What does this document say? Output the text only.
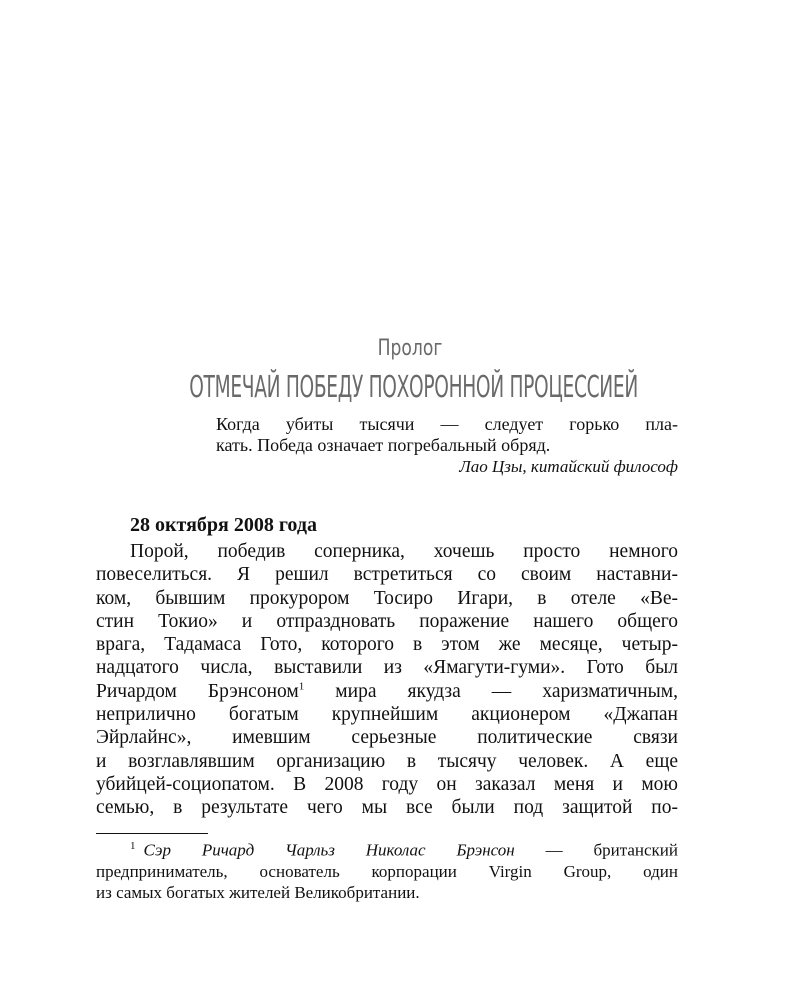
Пролог
ОТМЕЧАЙ ПОБЕДУ ПОХОРОННОЙ ПРОЦЕССИЕЙ
Когда убиты тысячи — следует горько пла-
кать. Победа означает погребальный обряд.
Лао Цзы, китайский философ
28 октября 2008 года
Порой, победив соперника, хочешь просто немного
повеселиться. Я решил встретиться со своим наставни-
ком, бывшим прокурором Тосиро Игари, в отеле «Ве-
стин Токио» и отпраздновать поражение нашего общего
врага, Тадамаса Гото, которого в этом же месяце, четыр-
надцатого числа, выставили из «Ямагути-гуми». Гото был
Ричардом Брэнсоном$^1$ мира якудза — харизматичным,
неприлично богатым крупнейшим акционером «Джапан
Эйрлайнс», имевшим серьезные политические связи
и возглавлявшим организацию в тысячу человек. А еще
убийцей-социопатом. В 2008 году он заказал меня и мою
семью, в результате чего мы все были под защитой по-
$^1$ Сэр Ричард Чарльз Николас Брэнсон — британский
предприниматель, основатель корпорации Virgin Group, один
из самых богатых жителей Великобритании.
